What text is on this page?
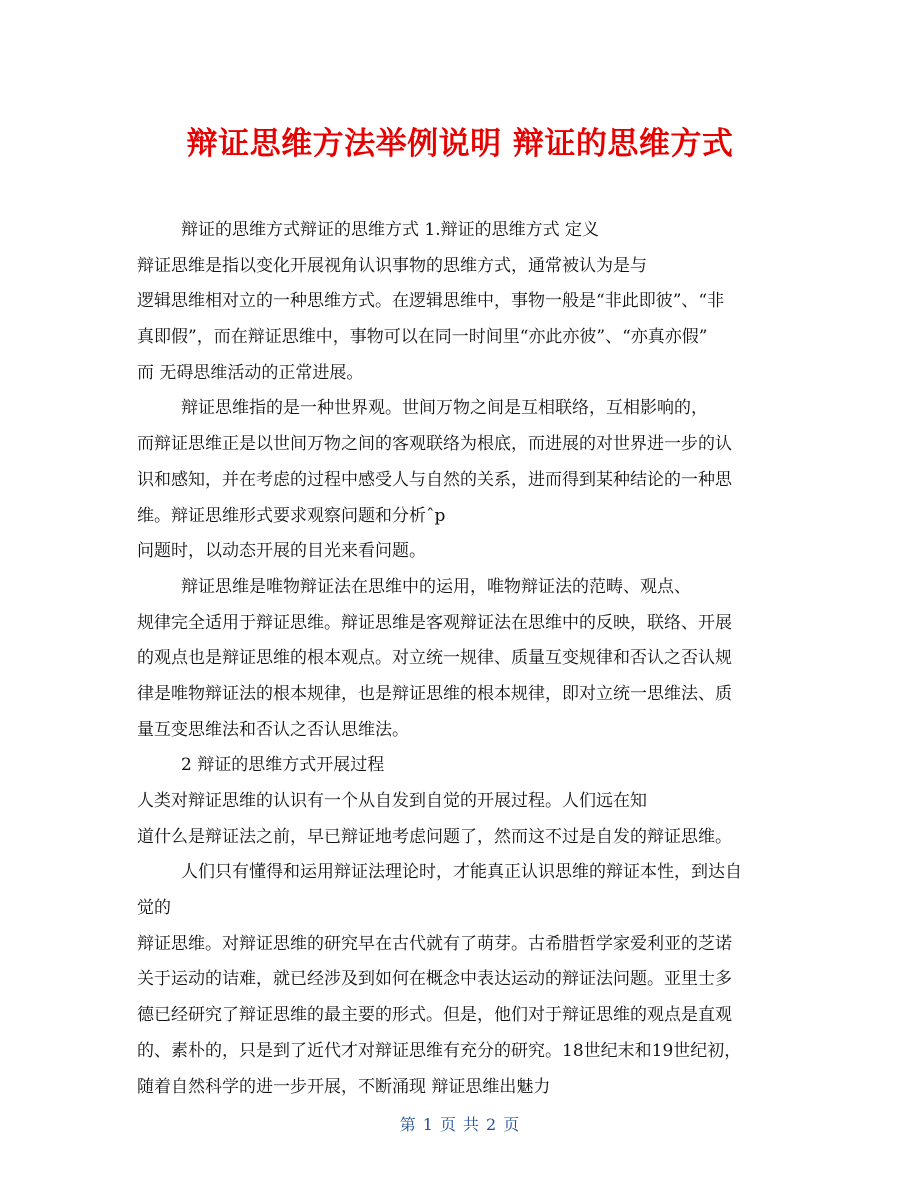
辩证思维方法举例说明 辩证的思维方式
辩证的思维方式辩证的思维方式 1.辩证的思维方式 定义
辩证思维是指以变化开展视角认识事物的思维方式，通常被认为是与
逻辑思维相对立的一种思维方式。在逻辑思维中，事物一般是“非此即彼”、“非
真即假”，而在辩证思维中，事物可以在同一时间里“亦此亦彼”、“亦真亦假”
而 无碍思维活动的正常进展。
辩证思维指的是一种世界观。世间万物之间是互相联络，互相影响的，
而辩证思维正是以世间万物之间的客观联络为根底，而进展的对世界进一步的认
识和感知，并在考虑的过程中感受人与自然的关系，进而得到某种结论的一种思
维。辩证思维形式要求观察问题和分析ˆp
问题时，以动态开展的目光来看问题。
辩证思维是唯物辩证法在思维中的运用，唯物辩证法的范畴、观点、
规律完全适用于辩证思维。辩证思维是客观辩证法在思维中的反映，联络、开展
的观点也是辩证思维的根本观点。对立统一规律、质量互变规律和否认之否认规
律是唯物辩证法的根本规律，也是辩证思维的根本规律，即对立统一思维法、质
量互变思维法和否认之否认思维法。
2 辩证的思维方式开展过程
人类对辩证思维的认识有一个从自发到自觉的开展过程。人们远在知
道什么是辩证法之前，早已辩证地考虑问题了，然而这不过是自发的辩证思维。
人们只有懂得和运用辩证法理论时，才能真正认识思维的辩证本性，到达自
觉的
辩证思维。对辩证思维的研究早在古代就有了萌芽。古希腊哲学家爱利亚的芝诺
关于运动的诘难，就已经涉及到如何在概念中表达运动的辩证法问题。亚里士多
德已经研究了辩证思维的最主要的形式。但是，他们对于辩证思维的观点是直观
的、素朴的，只是到了近代才对辩证思维有充分的研究。18世纪末和19世纪初，
随着自然科学的进一步开展，不断涌现 辩证思维出魅力
第 1 页 共 2 页
